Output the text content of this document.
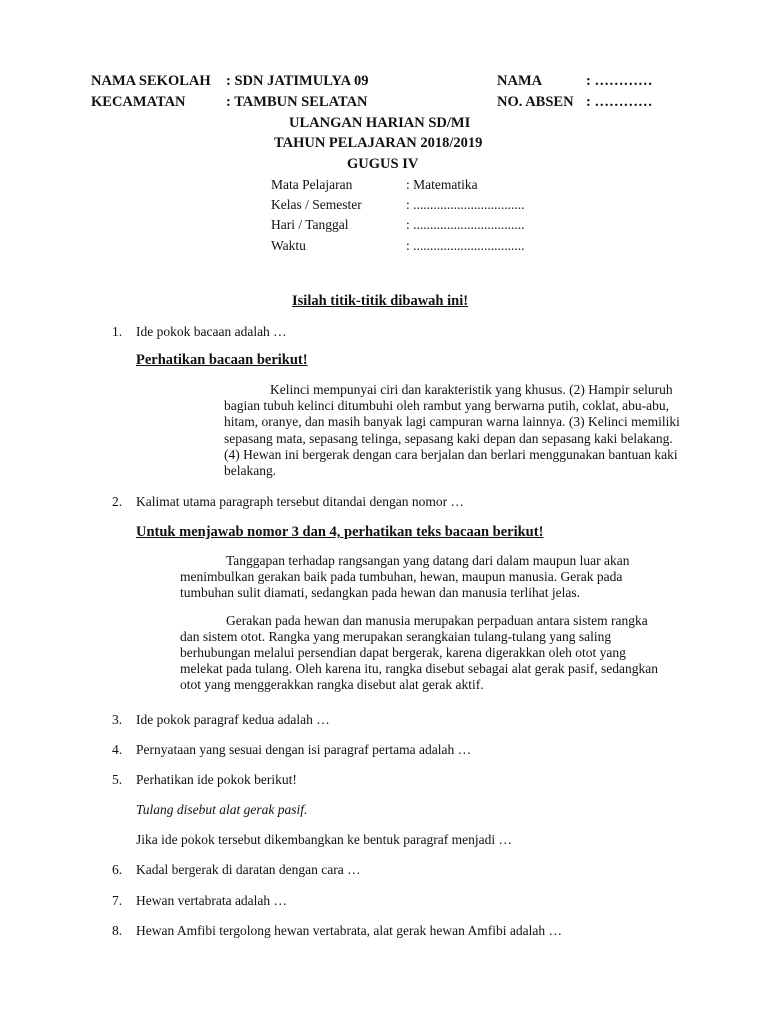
NAMA SEKOLAH : SDN JATIMULYA 09	NAMA	: …………
KECAMATAN	: TAMBUN SELATAN	NO. ABSEN : …………
ULANGAN HARIAN SD/MI
TAHUN PELAJARAN 2018/2019
GUGUS IV
Mata Pelajaran	: Matematika
Kelas / Semester	: .................................
Hari / Tanggal	: .................................
Waktu	: .................................
Isilah titik-titik dibawah ini!
1. Ide pokok bacaan adalah …
Perhatikan bacaan berikut!

Kelinci mempunyai ciri dan karakteristik yang khusus. (2) Hampir seluruh bagian tubuh kelinci ditumbuhi oleh rambut yang berwarna putih, coklat, abu-abu, hitam, oranye, dan masih banyak lagi campuran warna lainnya. (3) Kelinci memiliki sepasang mata, sepasang telinga, sepasang kaki depan dan sepasang kaki belakang. (4) Hewan ini bergerak dengan cara berjalan dan berlari menggunakan bantuan kaki belakang.

2. Kalimat utama paragraph tersebut ditandai dengan nomor …
Untuk menjawab nomor 3 dan 4, perhatikan teks bacaan berikut!

Tanggapan terhadap rangsangan yang datang dari dalam maupun luar akan menimbulkan gerakan baik pada tumbuhan, hewan, maupun manusia. Gerak pada tumbuhan sulit diamati, sedangkan pada hewan dan manusia terlihat jelas.

Gerakan pada hewan dan manusia merupakan perpaduan antara sistem rangka dan sistem otot. Rangka yang merupakan serangkaian tulang-tulang yang saling berhubungan melalui persendian dapat bergerak, karena digerakkan oleh otot yang melekat pada tulang. Oleh karena itu, rangka disebut sebagai alat gerak pasif, sedangkan otot yang menggerakkan rangka disebut alat gerak aktif.

3. Ide pokok paragraf kedua adalah …
4. Pernyataan yang sesuai dengan isi paragraf pertama adalah …
5. Perhatikan ide pokok berikut!
Tulang disebut alat gerak pasif.
Jika ide pokok tersebut dikembangkan ke bentuk paragraf menjadi …
6. Kadal bergerak di daratan dengan cara …
7. Hewan vertabrata adalah …
8. Hewan Amfibi tergolong hewan vertabrata, alat gerak hewan Amfibi adalah …
